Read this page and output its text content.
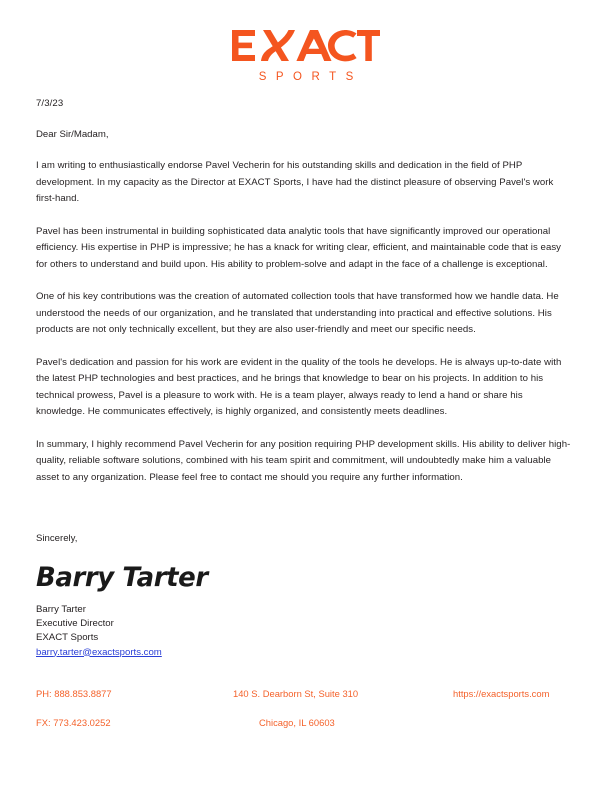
SPORTS
7/3/23
Dear Sir/Madam,

I am writing to enthusiastically endorse Pavel Vecherin for his outstanding skills and dedication in the field of PHP development. In my capacity as the Director at EXACT Sports, I have had the distinct pleasure of observing Pavel's work first-hand.

Pavel has been instrumental in building sophisticated data analytic tools that have significantly improved our operational efficiency. His expertise in PHP is impressive; he has a knack for writing clear, efficient, and maintainable code that is easy for others to understand and build upon. His ability to problem-solve and adapt in the face of a challenge is exceptional.

One of his key contributions was the creation of automated collection tools that have transformed how we handle data. He understood the needs of our organization, and he translated that understanding into practical and effective solutions. His products are not only technically excellent, but they are also user-friendly and meet our specific needs.

Pavel's dedication and passion for his work are evident in the quality of the tools he develops. He is always up-to-date with the latest PHP technologies and best practices, and he brings that knowledge to bear on his projects. In addition to his technical prowess, Pavel is a pleasure to work with. He is a team player, always ready to lend a hand or share his knowledge. He communicates effectively, is highly organized, and consistently meets deadlines.

In summary, I highly recommend Pavel Vecherin for any position requiring PHP development skills. His ability to deliver high-quality, reliable software solutions, combined with his team spirit and commitment, will undoubtedly make him a valuable asset to any organization. Please feel free to contact me should you require any further information.

Sincerely,
Barry Tarter
Barry Tarter
Executive Director
EXACT Sports
barry.tarter@exactsports.com
PH: 888.853.8877	140 S. Dearborn St, Suite 310	https://exactsports.com
FX: 773.423.0252	Chicago, IL 60603
